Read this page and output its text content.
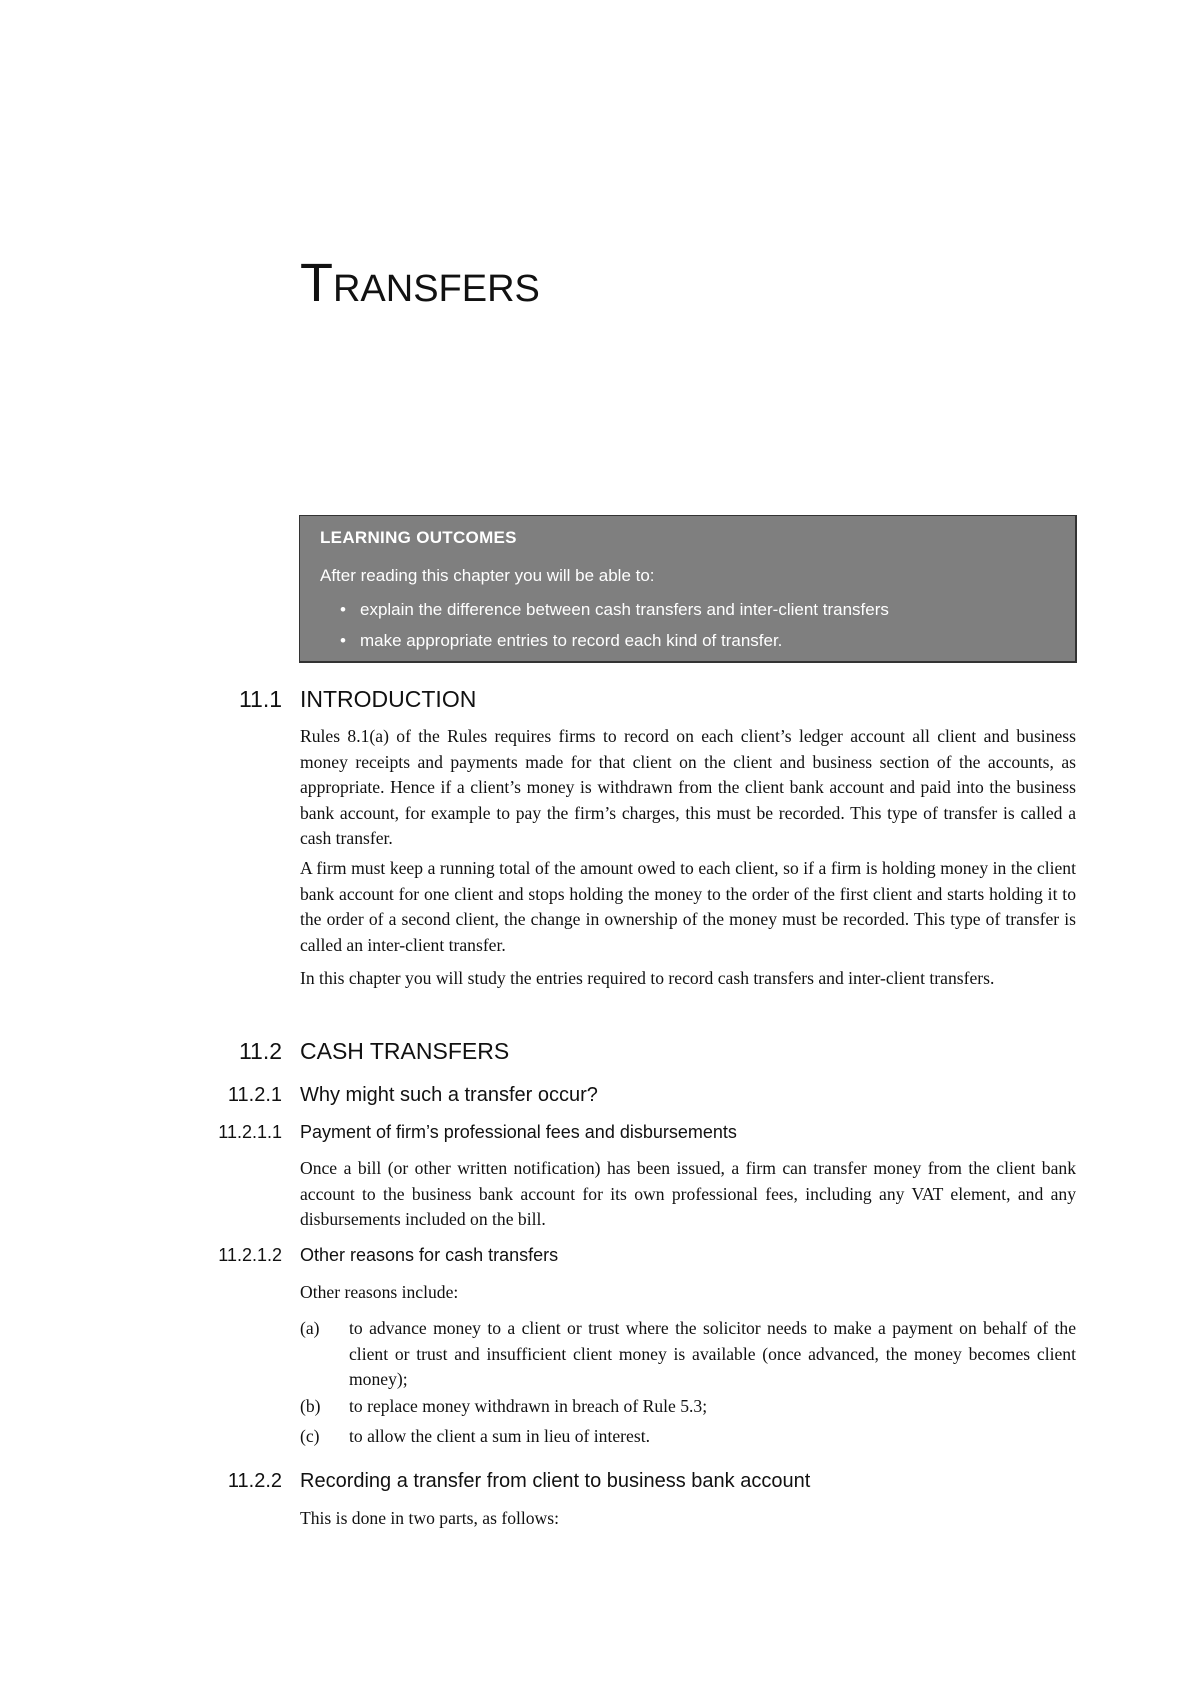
Transfers
LEARNING OUTCOMES
After reading this chapter you will be able to:
• explain the difference between cash transfers and inter-client transfers
• make appropriate entries to record each kind of transfer.
11.1 INTRODUCTION

Rules 8.1(a) of the Rules requires firms to record on each client’s ledger account all client and business money receipts and payments made for that client on the client and business section of the accounts, as appropriate. Hence if a client’s money is withdrawn from the client bank account and paid into the business bank account, for example to pay the firm’s charges, this must be recorded. This type of transfer is called a cash transfer.

A firm must keep a running total of the amount owed to each client, so if a firm is holding money in the client bank account for one client and stops holding the money to the order of the first client and starts holding it to the order of a second client, the change in ownership of the money must be recorded. This type of transfer is called an inter-client transfer.

In this chapter you will study the entries required to record cash transfers and inter-client transfers.

11.2 CASH TRANSFERS
11.2.1 Why might such a transfer occur?
11.2.1.1 Payment of firm’s professional fees and disbursements

Once a bill (or other written notification) has been issued, a firm can transfer money from the client bank account to the business bank account for its own professional fees, including any VAT element, and any disbursements included on the bill.

11.2.1.2 Other reasons for cash transfers

Other reasons include:

(a) to advance money to a client or trust where the solicitor needs to make a payment on behalf of the client or trust and insufficient client money is available (once advanced, the money becomes client money);
(b) to replace money withdrawn in breach of Rule 5.3;
(c) to allow the client a sum in lieu of interest.
11.2.2 Recording a transfer from client to business bank account

This is done in two parts, as follows:
